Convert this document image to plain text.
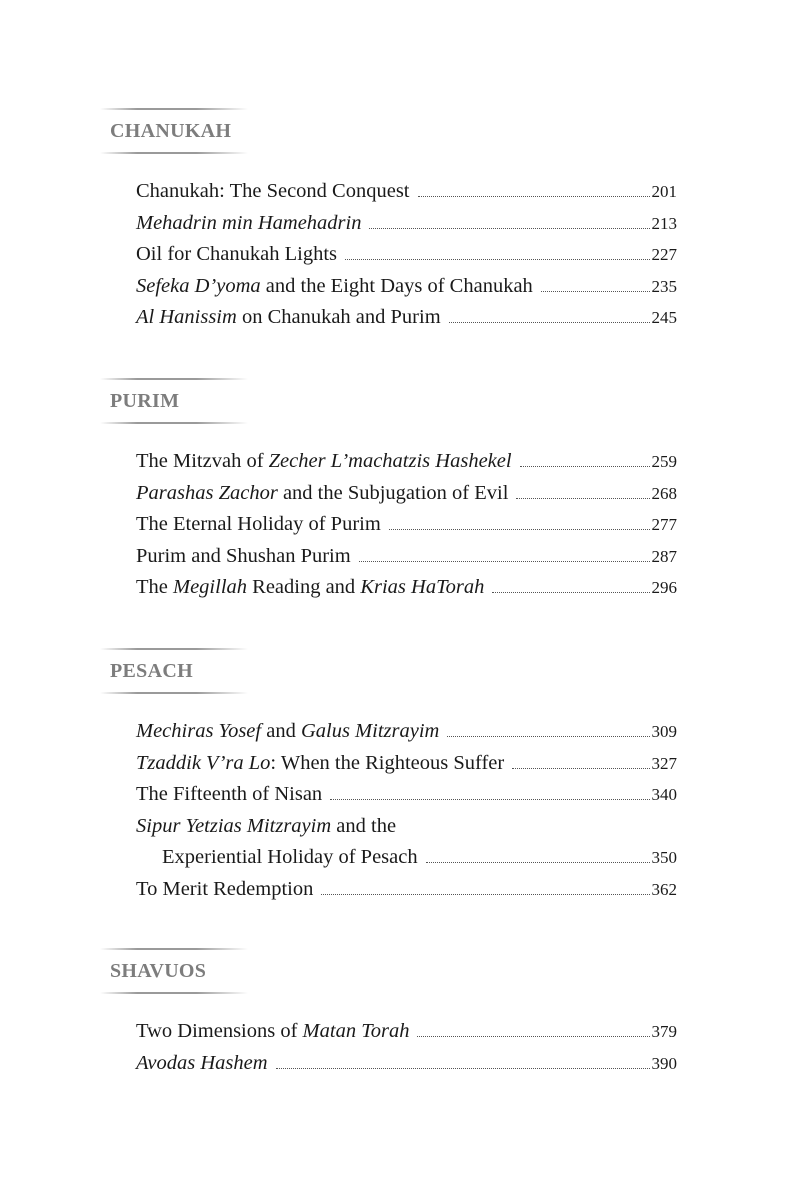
CHANUKAH
Chanukah: The Second Conquest	201
Mehadrin min Hamehadrin	213
Oil for Chanukah Lights	227
Sefeka D’yoma and the Eight Days of Chanukah	235
Al Hanissim on Chanukah and Purim	245
PURIM
The Mitzvah of Zecher L’machatzis Hashekel	259
Parashas Zachor and the Subjugation of Evil	268
The Eternal Holiday of Purim	277
Purim and Shushan Purim	287
The Megillah Reading and Krias HaTorah	296
PESACH
Mechiras Yosef and Galus Mitzrayim	309
Tzaddik V’ra Lo: When the Righteous Suffer	327
The Fifteenth of Nisan	340
Sipur Yetzias Mitzrayim and the
Experiential Holiday of Pesach	350
To Merit Redemption	362
SHAVUOS
Two Dimensions of Matan Torah	379
Avodas Hashem	390
